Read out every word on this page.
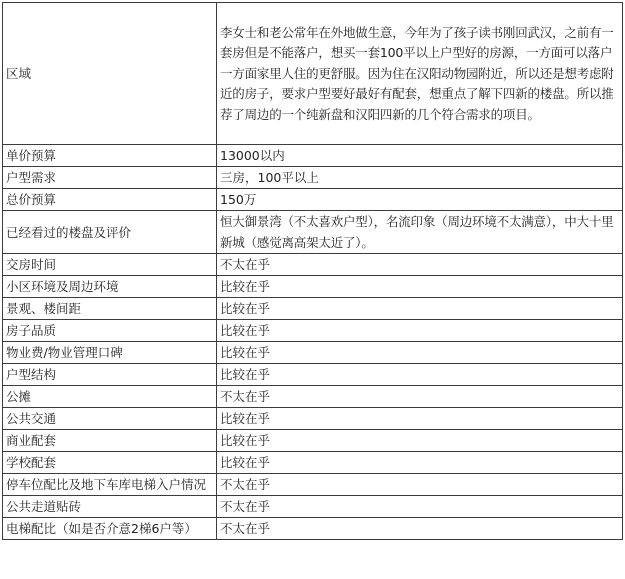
区域	李女士和老公常年在外地做生意，今年为了孩子读书刚回武汉，之前有一套房但是不能落户，想买一套100平以上户型好的房源，一方面可以落户一方面家里人住的更舒服。因为住在汉阳动物园附近，所以还是想考虑附近的房子，要求户型要好最好有配套，想重点了解下四新的楼盘。所以推荐了周边的一个纯新盘和汉阳四新的几个符合需求的项目。
单价预算	13000以内
户型需求	三房，100平以上
总价预算	150万
已经看过的楼盘及评价	恒大御景湾（不太喜欢户型），名流印象（周边环境不太满意），中大十里新城（感觉离高架太近了）。
交房时间	不太在乎
小区环境及周边环境	比较在乎
景观、楼间距	比较在乎
房子品质	比较在乎
物业费/物业管理口碑	比较在乎
户型结构	比较在乎
公摊	不太在乎
公共交通	比较在乎
商业配套	比较在乎
学校配套	比较在乎
停车位配比及地下车库电梯入户情况	不太在乎
公共走道贴砖	不太在乎
电梯配比（如是否介意2梯6户等）	不太在乎
